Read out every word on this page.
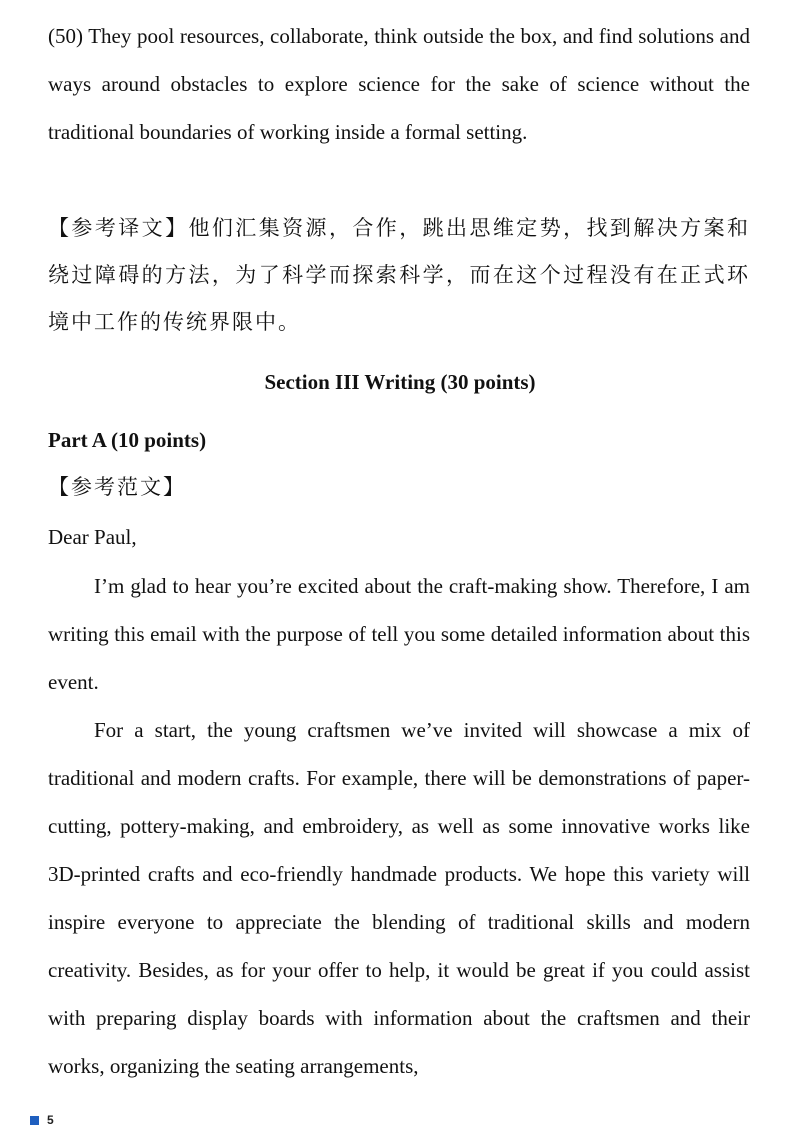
(50) They pool resources, collaborate, think outside the box, and find solutions and ways around obstacles to explore science for the sake of science without the traditional boundaries of working inside a formal setting.

【参考译文】他们汇集资源，合作，跳出思维定势，找到解决方案和绕过障碍的方法，为了科学而探索科学，而在这个过程没有在正式环境中工作的传统界限中。

Section III Writing (30 points)
Part A (10 points)

【参考范文】

Dear Paul,

I’m glad to hear you’re excited about the craft-making show. Therefore, I am writing this email with the purpose of tell you some detailed information about this event.

For a start, the young craftsmen we’ve invited will showcase a mix of traditional and modern crafts. For example, there will be demonstrations of paper-cutting, pottery-making, and embroidery, as well as some innovative works like 3D-printed crafts and eco-friendly handmade products. We hope this variety will inspire everyone to appreciate the blending of traditional skills and modern creativity. Besides, as for your offer to help, it would be great if you could assist with preparing display boards with information about the craftsmen and their works, organizing the seating arrangements,

5
